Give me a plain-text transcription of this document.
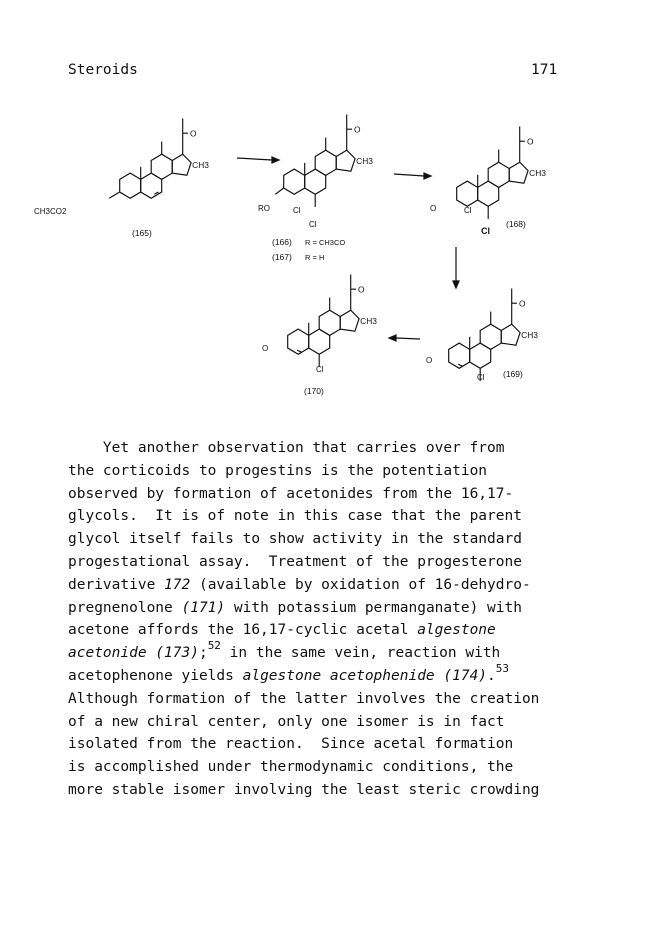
Steroids	171
O
CH3
CH3CO2
(165)
O
CH3
RO	Cl
Cl
(166) R = CH3CO
(167) R = H
O
CH3
O	Cl
Cl
(168)
O
CH3
O
Cl (169)
O
CH3
O
Cl
(170)
Yet another observation that carries over from
the corticoids to progestins is the potentiation
observed by formation of acetonides from the 16,17-
glycols.  It is of note in this case that the parent
glycol itself fails to show activity in the standard
progestational assay.  Treatment of the progesterone
derivative 172 (available by oxidation of 16-dehydro-
pregnenolone (171) with potassium permanganate) with
acetone affords the 16,17-cyclic acetal algestone
acetonide (173);$^{52}$ in the same vein, reaction with
acetophenone yields algestone acetophenide (174).$^{53}$
Although formation of the latter involves the creation
of a new chiral center, only one isomer is in fact
isolated from the reaction.  Since acetal formation
is accomplished under thermodynamic conditions, the
more stable isomer involving the least steric crowding
